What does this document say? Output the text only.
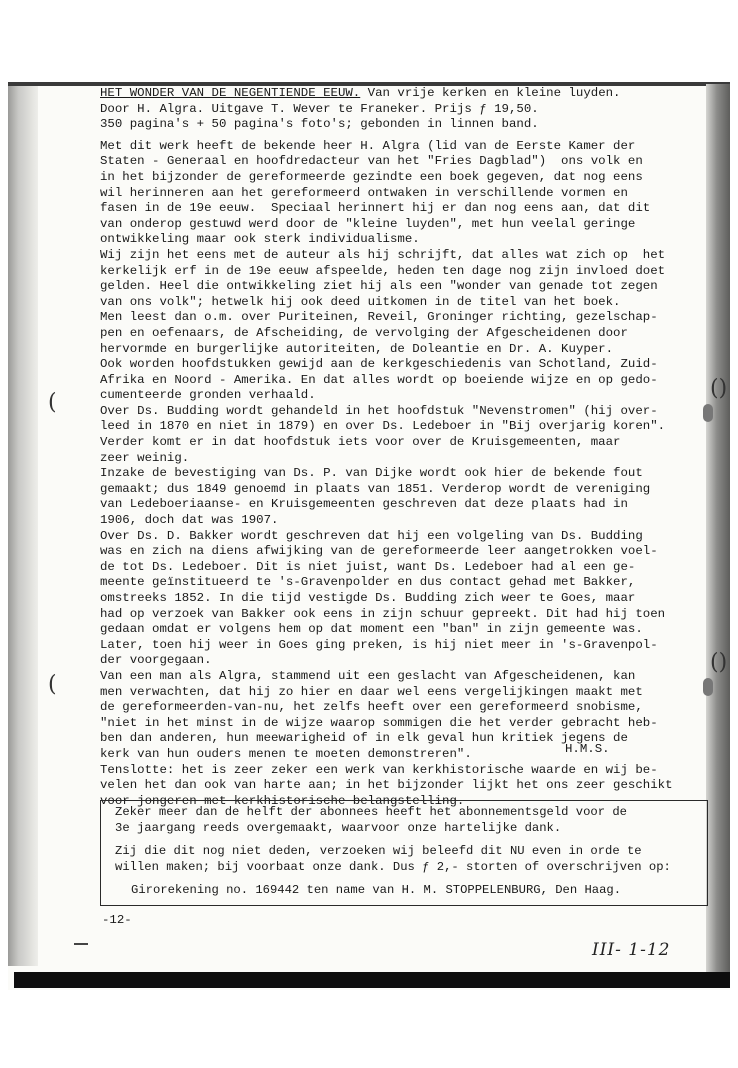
(
(
()
()
HET WONDER VAN DE NEGENTIENDE EEUW. Van vrije kerken en kleine luyden.
Door H. Algra. Uitgave T. Wever te Franeker. Prijs ƒ 19,50.
350 pagina's + 50 pagina's foto's; gebonden in linnen band.
Met dit werk heeft de bekende heer H. Algra (lid van de Eerste Kamer der
Staten - Generaal en hoofdredacteur van het "Fries Dagblad")  ons volk en
in het bijzonder de gereformeerde gezindte een boek gegeven, dat nog eens
wil herinneren aan het gereformeerd ontwaken in verschillende vormen en
fasen in de 19e eeuw.  Speciaal herinnert hij er dan nog eens aan, dat dit
van onderop gestuwd werd door de "kleine luyden", met hun veelal geringe
ontwikkeling maar ook sterk individualisme.
Wij zijn het eens met de auteur als hij schrijft, dat alles wat zich op  het
kerkelijk erf in de 19e eeuw afspeelde, heden ten dage nog zijn invloed doet
gelden. Heel die ontwikkeling ziet hij als een "wonder van genade tot zegen
van ons volk"; hetwelk hij ook deed uitkomen in de titel van het boek.
Men leest dan o.m. over Puriteinen, Reveil, Groninger richting, gezelschap-
pen en oefenaars, de Afscheiding, de vervolging der Afgescheidenen door
hervormde en burgerlijke autoriteiten, de Doleantie en Dr. A. Kuyper.
Ook worden hoofdstukken gewijd aan de kerkgeschiedenis van Schotland, Zuid-
Afrika en Noord - Amerika. En dat alles wordt op boeiende wijze en op gedo-
cumenteerde gronden verhaald.
Over Ds. Budding wordt gehandeld in het hoofdstuk "Nevenstromen" (hij over-
leed in 1870 en niet in 1879) en over Ds. Ledeboer in "Bij overjarig koren".
Verder komt er in dat hoofdstuk iets voor over de Kruisgemeenten, maar
zeer weinig.
Inzake de bevestiging van Ds. P. van Dijke wordt ook hier de bekende fout
gemaakt; dus 1849 genoemd in plaats van 1851. Verderop wordt de vereniging
van Ledeboeriaanse- en Kruisgemeenten geschreven dat deze plaats had in
1906, doch dat was 1907.
Over Ds. D. Bakker wordt geschreven dat hij een volgeling van Ds. Budding
was en zich na diens afwijking van de gereformeerde leer aangetrokken voel-
de tot Ds. Ledeboer. Dit is niet juist, want Ds. Ledeboer had al een ge-
meente geïnstitueerd te 's-Gravenpolder en dus contact gehad met Bakker,
omstreeks 1852. In die tijd vestigde Ds. Budding zich weer te Goes, maar
had op verzoek van Bakker ook eens in zijn schuur gepreekt. Dit had hij toen
gedaan omdat er volgens hem op dat moment een "ban" in zijn gemeente was.
Later, toen hij weer in Goes ging preken, is hij niet meer in 's-Gravenpol-
der voorgegaan.
Van een man als Algra, stammend uit een geslacht van Afgescheidenen, kan
men verwachten, dat hij zo hier en daar wel eens vergelijkingen maakt met
de gereformeerden-van-nu, het zelfs heeft over een gereformeerd snobisme,
"niet in het minst in de wijze waarop sommigen die het verder gebracht heb-
ben dan anderen, hun meewarigheid of in elk geval hun kritiek jegens de
kerk van hun ouders menen te moeten demonstreren".
Tenslotte: het is zeer zeker een werk van kerkhistorische waarde en wij be-
velen het dan ook van harte aan; in het bijzonder lijkt het ons zeer geschikt
voor jongeren met kerkhistorische belangstelling.
H.M.S.
Zeker meer dan de helft der abonnees heeft het abonnementsgeld voor de
3e jaargang reeds overgemaakt, waarvoor onze hartelijke dank.
Zij die dit nog niet deden, verzoeken wij beleefd dit NU even in orde te
willen maken; bij voorbaat onze dank. Dus ƒ 2,- storten of overschrijven op:
Girorekening no. 169442 ten name van H. M. STOPPELENBURG, Den Haag.
-12-
III- 1-12
